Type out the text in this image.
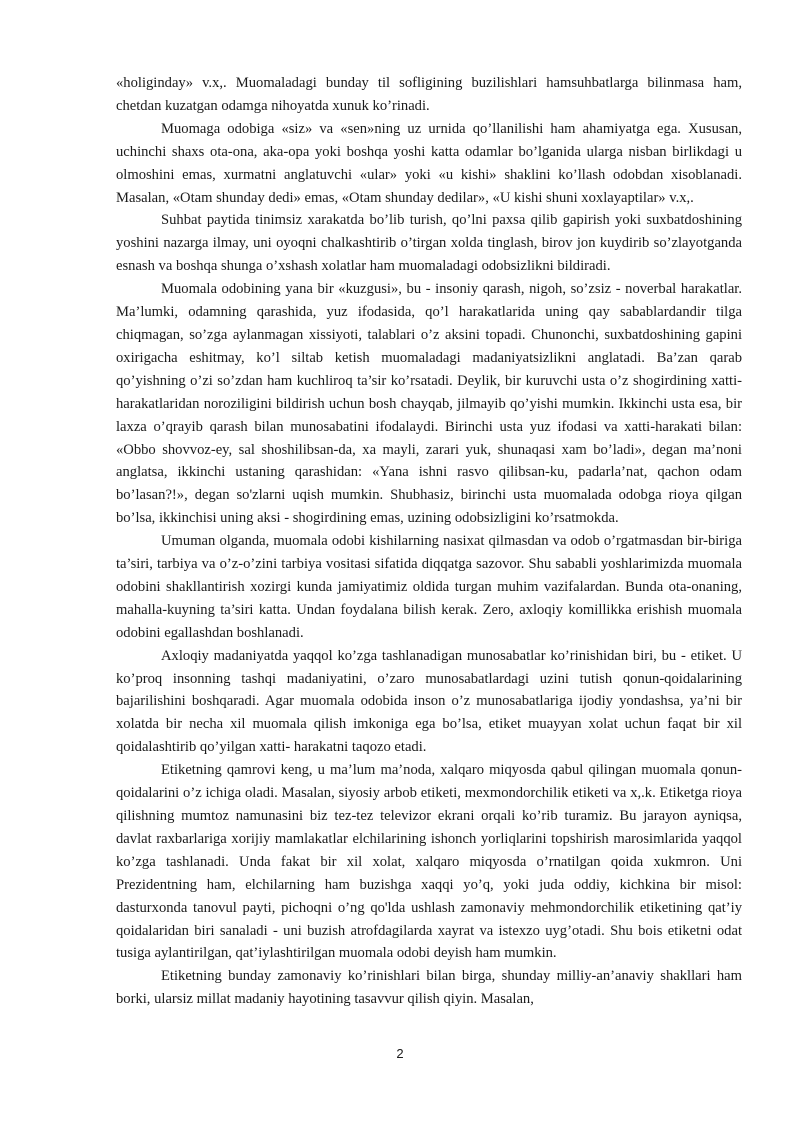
«holiginday» v.x,. Muomaladagi bunday til sofligining buzilishlari hamsuhbatlarga bilinmasa ham, chetdan kuzatgan odamga nihoyatda xunuk ko’rinadi.

Muomaga odobiga «siz» va «sen»ning uz urnida qo’llanilishi ham ahamiyatga ega. Xususan, uchinchi shaxs ota-ona, aka-opa yoki boshqa yoshi katta odamlar bo’lganida ularga nisban birlikdagi u olmoshini emas, xurmatni anglatuvchi «ular» yoki «u kishi» shaklini ko’llash odobdan xisoblanadi. Masalan, «Otam shunday dedi» emas, «Otam shunday dedilar», «U kishi shuni xoxlayaptilar» v.x,.

Suhbat paytida tinimsiz xarakatda bo’lib turish, qo’lni paxsa qilib gapirish yoki suxbatdoshining yoshini nazarga ilmay, uni oyoqni chalkashtirib o’tirgan xolda tinglash, birov jon kuydirib so’zlayotganda esnash va boshqa shunga o’xshash xolatlar ham muomaladagi odobsizlikni bildiradi.

Muomala odobining yana bir «kuzgusi», bu - insoniy qarash, nigoh, so’zsiz - noverbal harakatlar. Ma’lumki, odamning qarashida, yuz ifodasida, qo’l harakatlarida uning qay sabablardandir tilga chiqmagan, so’zga aylanmagan xissiyoti, talablari o’z aksini topadi. Chunonchi, suxbatdoshining gapini oxirigacha eshitmay, ko’l siltab ketish muomaladagi madaniyatsizlikni anglatadi. Ba’zan qarab qo’yishning o’zi so’zdan ham kuchliroq ta’sir ko’rsatadi. Deylik, bir kuruvchi usta o’z shogirdining xatti- harakatlaridan noroziligini bildirish uchun bosh chayqab, jilmayib qo’yishi mumkin. Ikkinchi usta esa, bir laxza o’qrayib qarash bilan munosabatini ifodalaydi. Birinchi usta yuz ifodasi va xatti-harakati bilan: «Obbo shovvoz-ey, sal shoshilibsan-da, xa mayli, zarari yuk, shunaqasi xam bo’ladi», degan ma’noni anglatsa, ikkinchi ustaning qarashidan: «Yana ishni rasvo qilibsan-ku, padarla’nat, qachon odam bo’lasan?!», degan so'zlarni uqish mumkin. Shubhasiz, birinchi usta muomalada odobga rioya qilgan bo’lsa, ikkinchisi uning aksi - shogirdining emas, uzining odobsizligini ko’rsatmokda.

Umuman olganda, muomala odobi kishilarning nasixat qilmasdan va odob o’rgatmasdan bir-biriga ta’siri, tarbiya va o’z-o’zini tarbiya vositasi sifatida diqqatga sazovor. Shu sababli yoshlarimizda muomala odobini shakllantirish xozirgi kunda jamiyatimiz oldida turgan muhim vazifalardan. Bunda ota-onaning, mahalla-kuyning ta’siri katta. Undan foydalana bilish kerak. Zero, axloqiy komillikka erishish muomala odobini egallashdan boshlanadi.

Axloqiy madaniyatda yaqqol ko’zga tashlanadigan munosabatlar ko’rinishidan biri, bu - etiket. U ko’proq insonning tashqi madaniyatini, o’zaro munosabatlardagi uzini tutish qonun-qoidalarining bajarilishini boshqaradi. Agar muomala odobida inson o’z munosabatlariga ijodiy yondashsa, ya’ni bir xolatda bir necha xil muomala qilish imkoniga ega bo’lsa, etiket muayyan xolat uchun faqat bir xil qoidalashtirib qo’yilgan xatti- harakatni taqozo etadi.

Etiketning qamrovi keng, u ma’lum ma’noda, xalqaro miqyosda qabul qilingan muomala qonun-qoidalarini o’z ichiga oladi. Masalan, siyosiy arbob etiketi, mexmondorchilik etiketi va x,.k. Etiketga rioya qilishning mumtoz namunasini biz tez-tez televizor ekrani orqali ko’rib turamiz. Bu jarayon ayniqsa, davlat raxbarlariga xorijiy mamlakatlar elchilarining ishonch yorliqlarini topshirish marosimlarida yaqqol ko’zga tashlanadi. Unda fakat bir xil xolat, xalqaro miqyosda o’rnatilgan qoida xukmron. Uni Prezidentning ham, elchilarning ham buzishga xaqqi yo’q, yoki juda oddiy, kichkina bir misol: dasturxonda tanovul payti, pichoqni o’ng qo'lda ushlash zamonaviy mehmondorchilik etiketining qat’iy qoidalaridan biri sanaladi - uni buzish atrofdagilarda xayrat va istexzo uyg’otadi. Shu bois etiketni odat tusiga aylantirilgan, qat’iylashtirilgan muomala odobi deyish ham mumkin.

Etiketning bunday zamonaviy ko’rinishlari bilan birga, shunday milliy-an’anaviy shakllari ham borki, ularsiz millat madaniy hayotining tasavvur qilish qiyin. Masalan,

2
